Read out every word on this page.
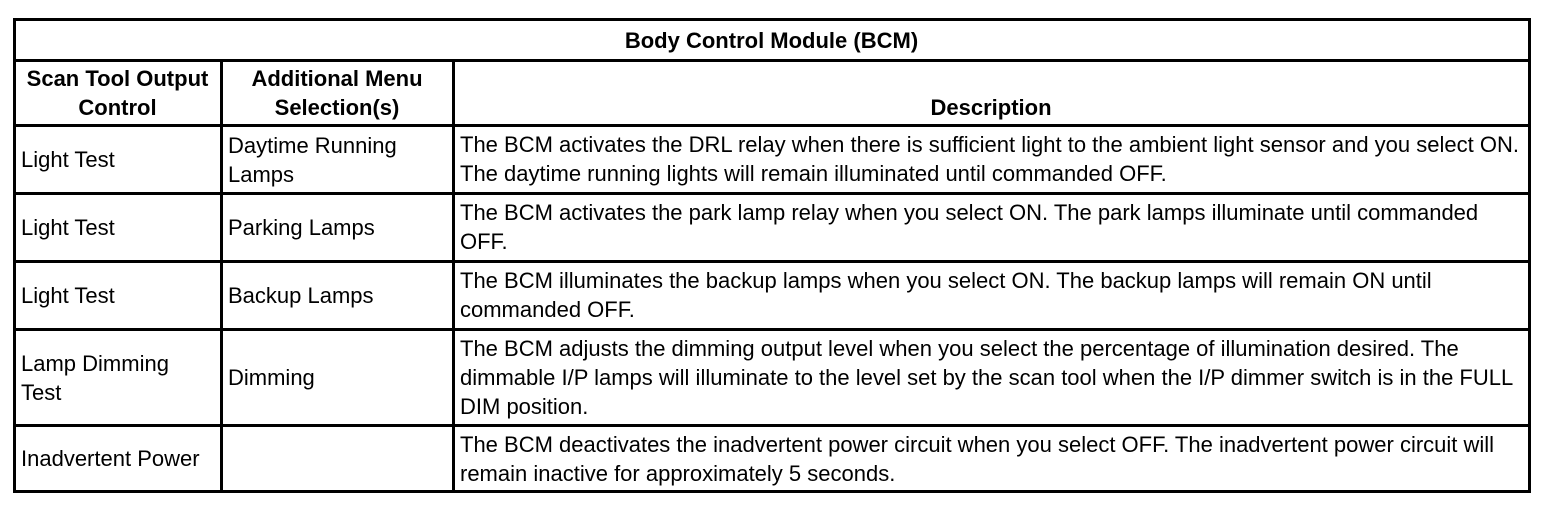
Body Control Module (BCM)		
Scan Tool Output Control	Additional Menu Selection(s)	Description
Light Test	Daytime Running Lamps	The BCM activates the DRL relay when there is sufficient light to the ambient light sensor and you select ON. The daytime running lights will remain illuminated until commanded OFF.
Light Test	Parking Lamps	The BCM activates the park lamp relay when you select ON. The park lamps illuminate until commanded OFF.
Light Test	Backup Lamps	The BCM illuminates the backup lamps when you select ON. The backup lamps will remain ON until commanded OFF.
Lamp Dimming Test	Dimming	The BCM adjusts the dimming output level when you select the percentage of illumination desired. The dimmable I/P lamps will illuminate to the level set by the scan tool when the I/P dimmer switch is in the FULL DIM position.
Inadvertent Power		The BCM deactivates the inadvertent power circuit when you select OFF. The inadvertent power circuit will remain inactive for approximately 5 seconds.
